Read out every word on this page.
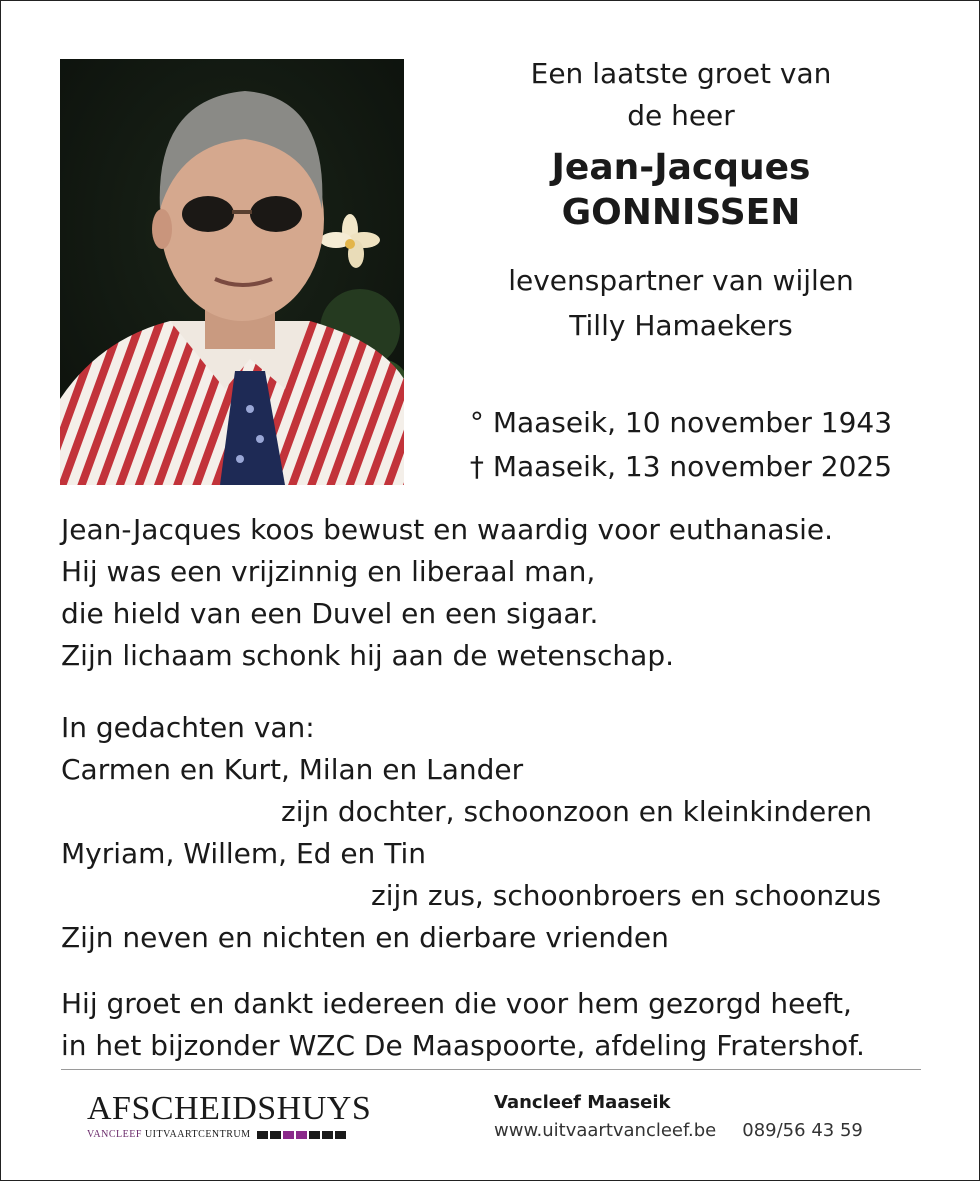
Een laatste groet van
de heer
Jean-Jacques
GONNISSEN
levenspartner van wijlen
Tilly Hamaekers
° Maaseik, 10 november 1943
† Maaseik, 13 november 2025
Jean-Jacques koos bewust en waardig voor euthanasie.
Hij was een vrijzinnig en liberaal man,
die hield van een Duvel en een sigaar.
Zijn lichaam schonk hij aan de wetenschap.
In gedachten van:
Carmen en Kurt, Milan en Lander
zijn dochter, schoonzoon en kleinkinderen
Myriam, Willem, Ed en Tin
zijn zus, schoonbroers en schoonzus
Zijn neven en nichten en dierbare vrienden
Hij groet en dankt iedereen die voor hem gezorgd heeft,
in het bijzonder WZC De Maaspoorte, afdeling Fratershof.
AFSCHEIDSHUYS
VANCLEEF UITVAARTCENTRUM
Vancleef Maaseik
www.uitvaartvancleef.be 089/56 43 59
